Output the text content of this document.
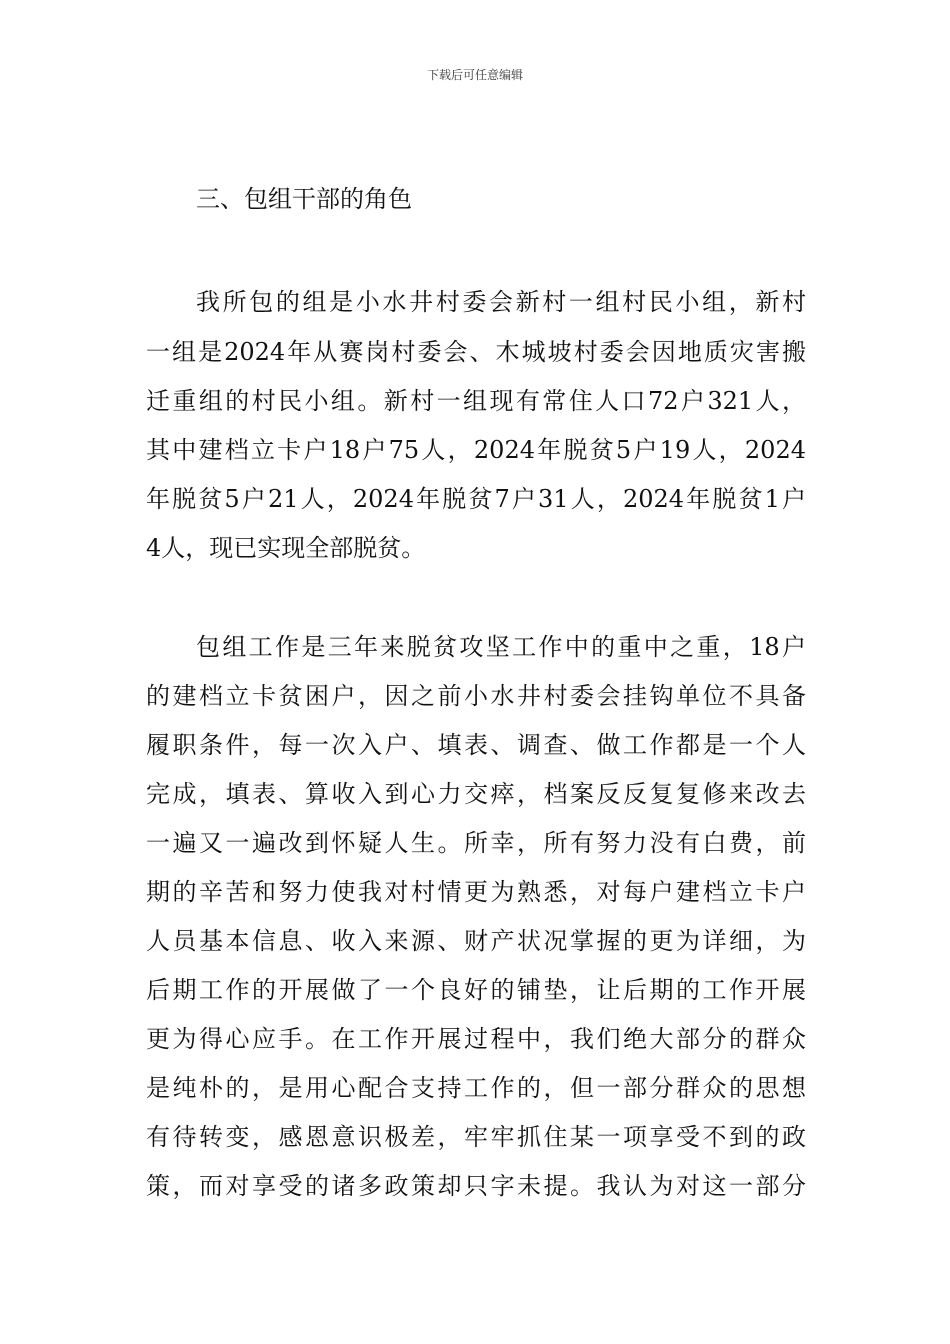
下载后可任意编辑
三、包组干部的角色
我所包的组是小水井村委会新村一组村民小组，新村
一组是2024年从赛岗村委会、木城坡村委会因地质灾害搬
迁重组的村民小组。新村一组现有常住人口72户321人，
其中建档立卡户18户75人，2024年脱贫5户19人，2024
年脱贫5户21人，2024年脱贫7户31人，2024年脱贫1户
4人，现已实现全部脱贫。
包组工作是三年来脱贫攻坚工作中的重中之重，18户
的建档立卡贫困户，因之前小水井村委会挂钩单位不具备
履职条件，每一次入户、填表、调查、做工作都是一个人
完成，填表、算收入到心力交瘁，档案反反复复修来改去
一遍又一遍改到怀疑人生。所幸，所有努力没有白费，前
期的辛苦和努力使我对村情更为熟悉，对每户建档立卡户
人员基本信息、收入来源、财产状况掌握的更为详细，为
后期工作的开展做了一个良好的铺垫，让后期的工作开展
更为得心应手。在工作开展过程中，我们绝大部分的群众
是纯朴的，是用心配合支持工作的，但一部分群众的思想
有待转变，感恩意识极差，牢牢抓住某一项享受不到的政
策，而对享受的诸多政策却只字未提。我认为对这一部分
